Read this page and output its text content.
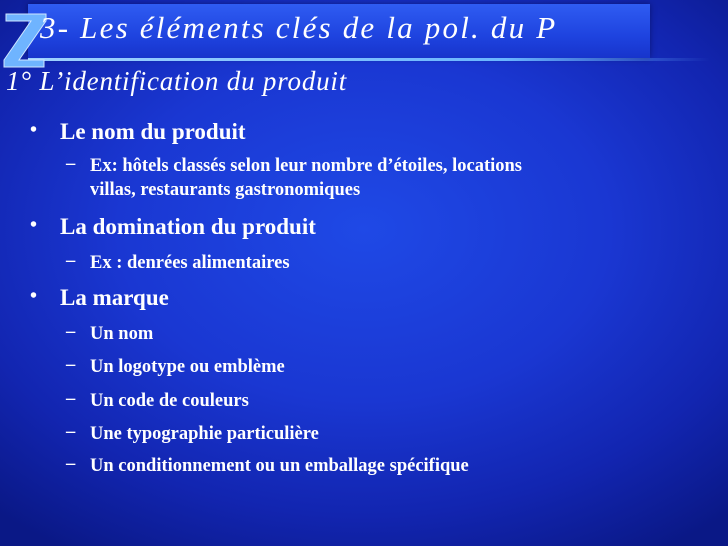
3- Les éléments clés de la pol. du P
1° L’identification du produit
• Le nom du produit
– Ex: hôtels classés selon leur nombre d’étoiles, locations
villas, restaurants gastronomiques
• La domination du produit
– Ex : denrées alimentaires
• La marque
– Un nom
– Un logotype ou emblème
– Un code de couleurs
– Une typographie particulière
– Un conditionnement ou un emballage spécifique
